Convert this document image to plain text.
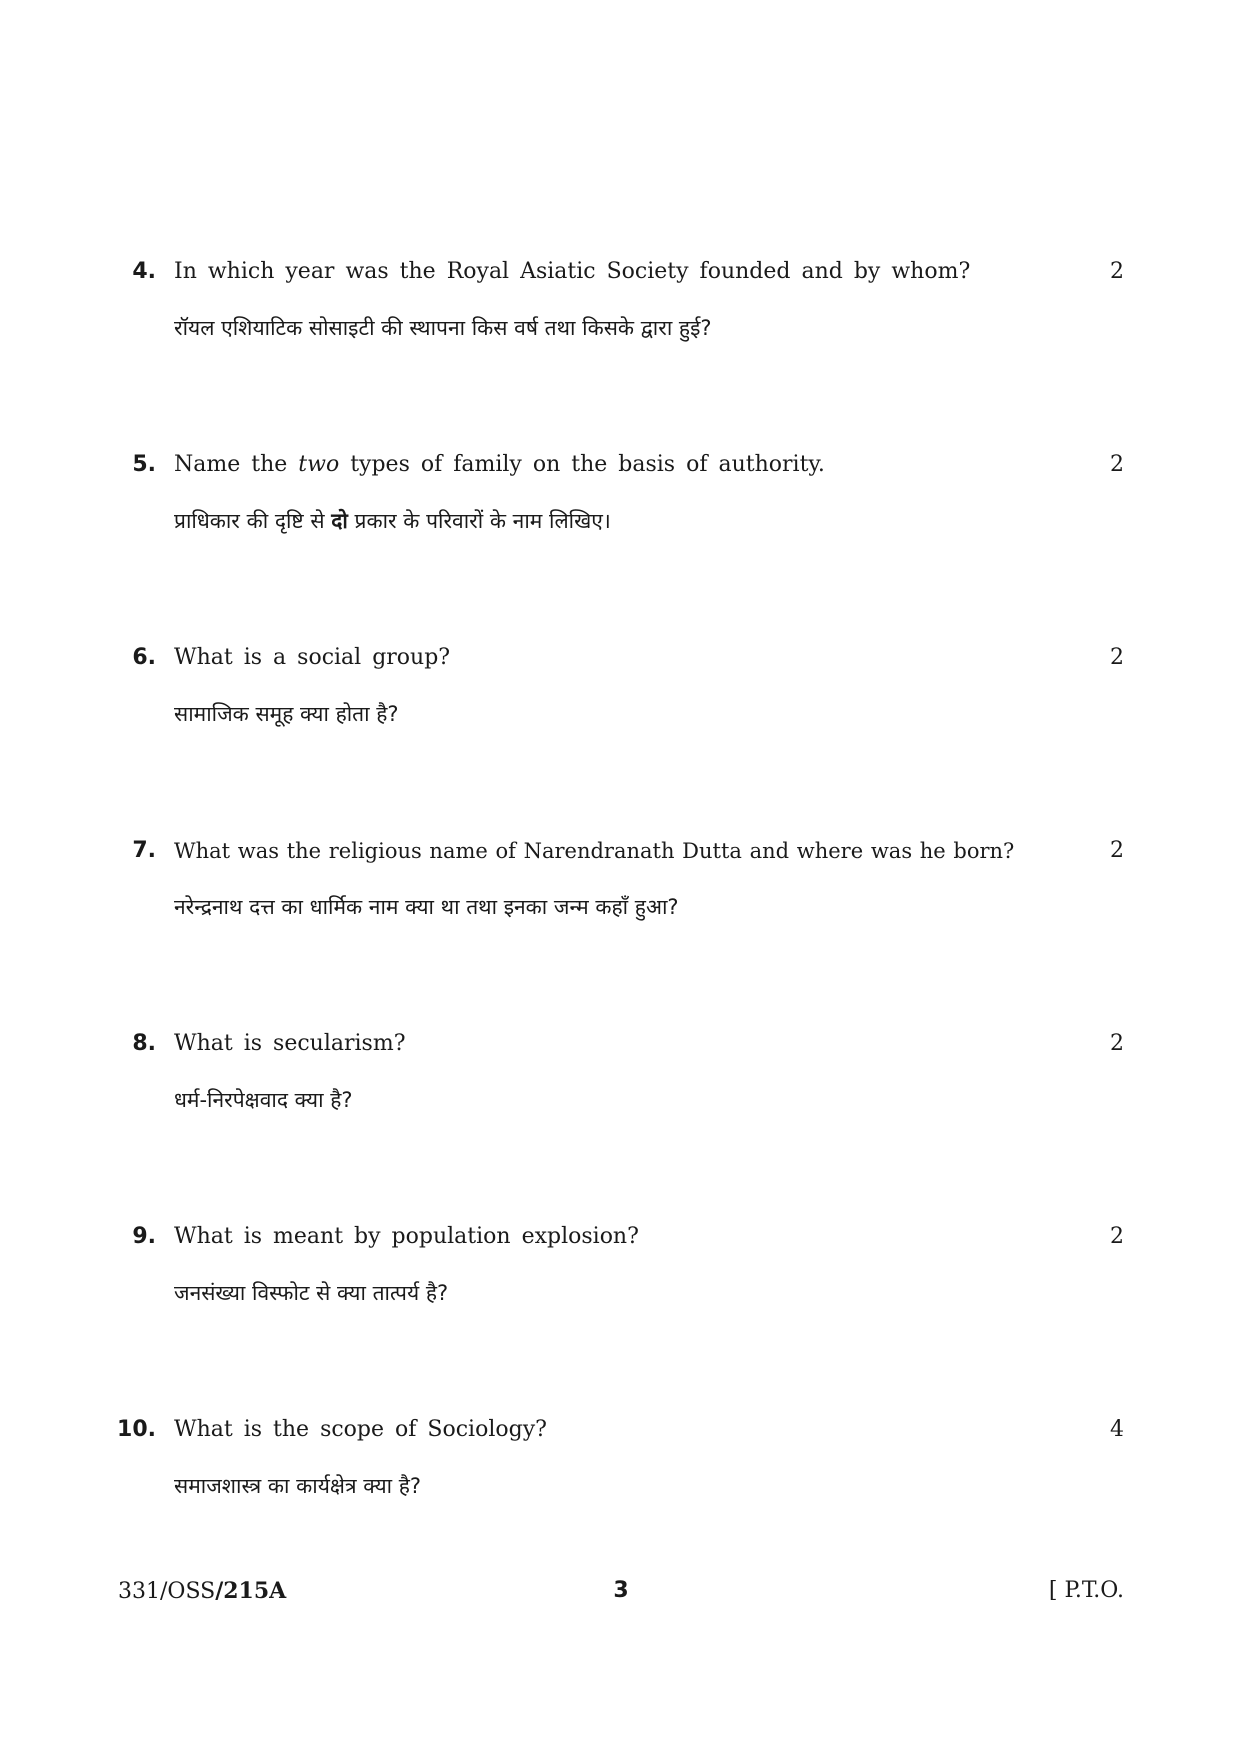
4. In which year was the Royal Asiatic Society founded and by whom?
रॉयल एशियाटिक सोसाइटी की स्थापना किस वर्ष तथा किसके द्वारा हुई?
2
5. Name the two types of family on the basis of authority.
प्राधिकार की दृष्टि से दो प्रकार के परिवारों के नाम लिखिए।
2
6. What is a social group?
सामाजिक समूह क्या होता है?
2
7. What was the religious name of Narendranath Dutta and where was he born?
नरेन्द्रनाथ दत्त का धार्मिक नाम क्या था तथा इनका जन्म कहाँ हुआ?
2
8. What is secularism?
धर्म-निरपेक्षवाद क्या है?
2
9. What is meant by population explosion?
जनसंख्या विस्फोट से क्या तात्पर्य है?
2
10. What is the scope of Sociology?
समाजशास्त्र का कार्यक्षेत्र क्या है?
4
331/OSS/215A	3	[ P.T.O.
